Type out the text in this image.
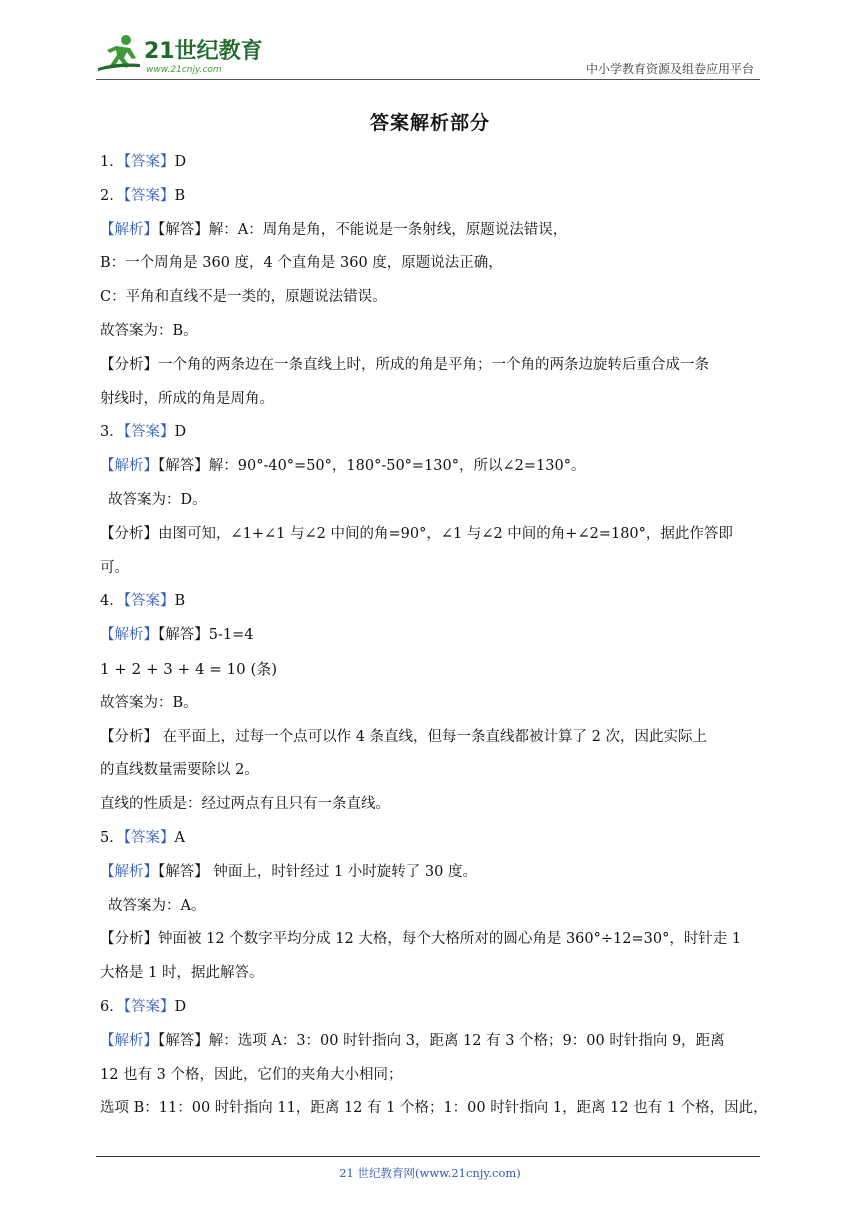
21世纪教育
www.21cnjy.com	中小学教育资源及组卷应用平台
答案解析部分
1．【答案】D
2．【答案】B
【解析】【解答】解：A：周角是角，不能说是一条射线，原题说法错误，
B：一个周角是 360 度，4 个直角是 360 度，原题说法正确，
C：平角和直线不是一类的，原题说法错误。
故答案为：B。
【分析】一个角的两条边在一条直线上时，所成的角是平角；一个角的两条边旋转后重合成一条
射线时，所成的角是周角。
3．【答案】D
【解析】【解答】解：90°-40°=50°，180°-50°=130°，所以∠2=130°。
故答案为：D。
【分析】由图可知，∠1+∠1 与∠2 中间的角=90°，∠1 与∠2 中间的角+∠2=180°，据此作答即
可。
4．【答案】B
【解析】【解答】5-1=4
1 + 2 + 3 + 4 = 10 (条)
故答案为：B。
【分析】 在平面上，过每一个点可以作 4 条直线，但每一条直线都被计算了 2 次，因此实际上
的直线数量需要除以 2。
直线的性质是：经过两点有且只有一条直线。
5．【答案】A
【解析】【解答】 钟面上，时针经过 1 小时旋转了 30 度。
故答案为：A。
【分析】钟面被 12 个数字平均分成 12 大格，每个大格所对的圆心角是 360°÷12=30°，时针走 1
大格是 1 时，据此解答。
6．【答案】D
【解析】【解答】解：选项 A：3：00 时针指向 3，距离 12 有 3 个格；9：00 时针指向 9，距离
12 也有 3 个格，因此，它们的夹角大小相同；
选项 B：11：00 时针指向 11，距离 12 有 1 个格；1：00 时针指向 1，距离 12 也有 1 个格，因此，
21 世纪教育网(www.21cnjy.com)
